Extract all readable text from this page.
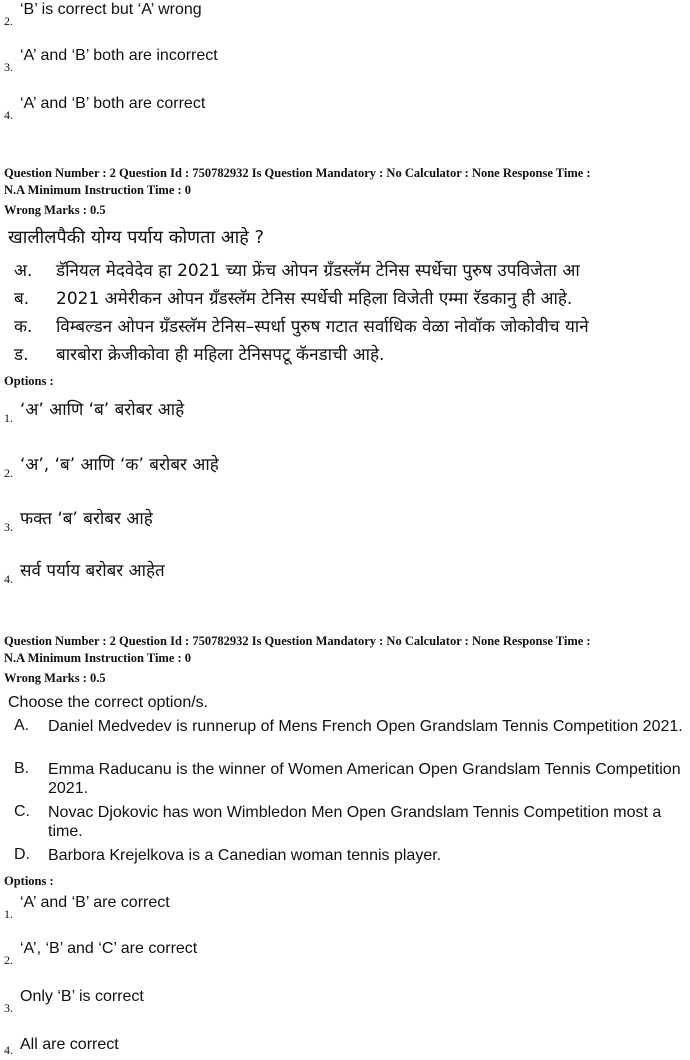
2.
‘B’ is correct but ‘A’ wrong
3.
‘A’ and ‘B’ both are incorrect
4.
‘A’ and ‘B’ both are correct
Question Number : 2 Question Id : 750782932 Is Question Mandatory : No Calculator : None Response Time :
N.A Minimum Instruction Time : 0
Wrong Marks : 0.5
खालीलपैकी योग्य पर्याय कोणता आहे ?
अ. डॅनियल मेदवेदेव हा 2021 च्या फ्रेंच ओपन ग्रँडस्लॅम टेनिस स्पर्धेचा पुरुष उपविजेता आ
ब. 2021 अमेरीकन ओपन ग्रँडस्लॅम टेनिस स्पर्धेची महिला विजेती एम्मा रॅडकानु ही आहे.
क. विम्बल्डन ओपन ग्रँडस्लॅम टेनिस–स्पर्धा पुरुष गटात सर्वाधिक वेळा नोवॉक जोकोवीच याने
ड. बारबोरा क्रेजीकोवा ही महिला टेनिसपटू कॅनडाची आहे.
Options :
1. ‘अ’ आणि ‘ब’ बरोबर आहे
2. ‘अ’, ‘ब’ आणि ‘क’ बरोबर आहे
3. फक्त ‘ब’ बरोबर आहे
4. सर्व पर्याय बरोबर आहेत
Question Number : 2 Question Id : 750782932 Is Question Mandatory : No Calculator : None Response Time :
N.A Minimum Instruction Time : 0
Wrong Marks : 0.5
Choose the correct option/s.
A. Daniel Medvedev is runnerup of Mens French Open Grandslam Tennis Competition 2021.
B. Emma Raducanu is the winner of Women American Open Grandslam Tennis Competition 2021.
C. Novac Djokovic has won Wimbledon Men Open Grandslam Tennis Competition most a time.
D. Barbora Krejelkova is a Canedian woman tennis player.
Options :
1.
‘A’ and ‘B’ are correct
2.
‘A’, ‘B’ and ‘C’ are correct
3.
Only ‘B’ is correct
4. All are correct
